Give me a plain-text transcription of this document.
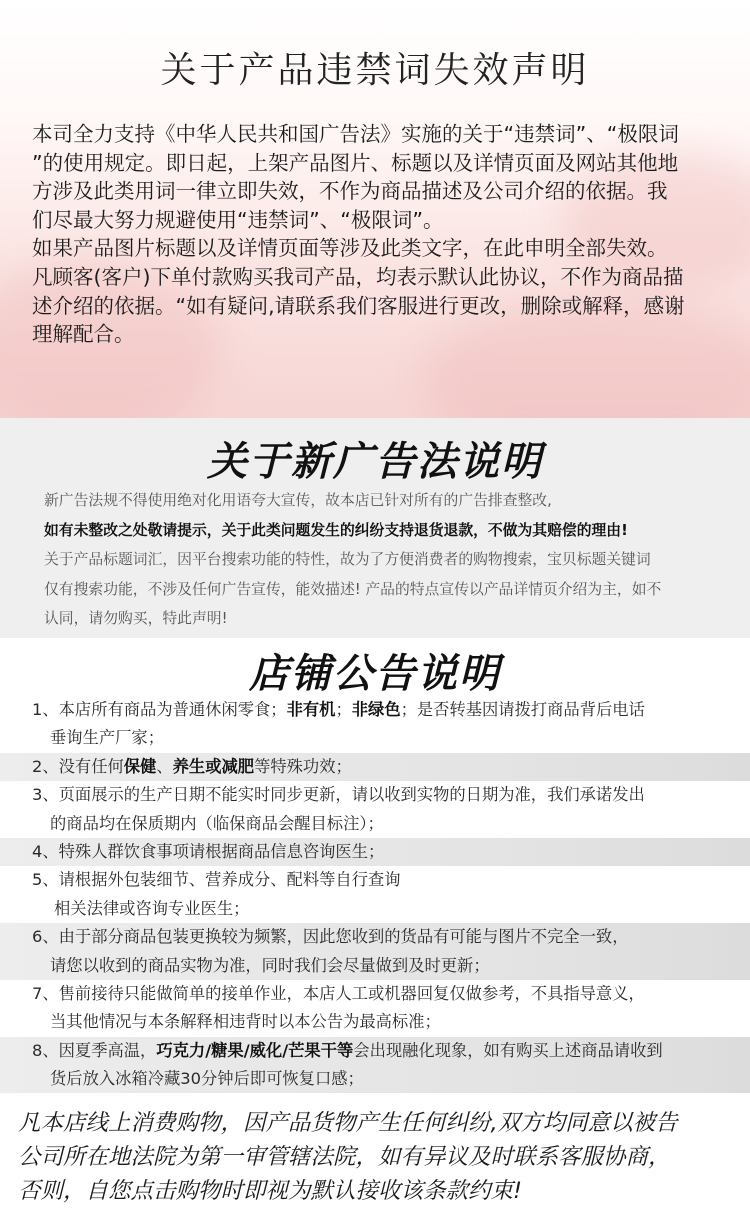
关于产品违禁词失效声明
本司全力支持《中华人民共和国广告法》实施的关于“违禁词”、“极限词
”的使用规定。即日起，上架产品图片、标题以及详情页面及网站其他地
方涉及此类用词一律立即失效，不作为商品描述及公司介绍的依据。我
们尽最大努力规避使用“违禁词”、“极限词”。
如果产品图片标题以及详情页面等涉及此类文字，在此申明全部失效。
凡顾客(客户)下单付款购买我司产品，均表示默认此协议，不作为商品描
述介绍的依据。“如有疑问,请联系我们客服进行更改，删除或解释，感谢
理解配合。
关于新广告法说明
新广告法规不得使用绝对化用语夸大宣传，故本店已针对所有的广告排查整改,
如有未整改之处敬请提示，关于此类问题发生的纠纷支持退货退款，不做为其赔偿的理由!
关于产品标题词汇，因平台搜索功能的特性，故为了方便消费者的购物搜索，宝贝标题关键词
仅有搜索功能，不涉及任何广告宣传，能效描述! 产品的特点宣传以产品详情页介绍为主，如不
认同，请勿购买，特此声明!
店铺公告说明
1、本店所有商品为普通休闲零食；非有机；非绿色；是否转基因请拨打商品背后电话
垂询生产厂家；
2、没有任何保健、养生或减肥等特殊功效；
3、页面展示的生产日期不能实时同步更新，请以收到实物的日期为准，我们承诺发出
的商品均在保质期内（临保商品会醒目标注）；
4、特殊人群饮食事项请根据商品信息咨询医生；
5、请根据外包装细节、营养成分、配料等自行查询
相关法律或咨询专业医生；
6、由于部分商品包装更换较为频繁，因此您收到的货品有可能与图片不完全一致，
请您以收到的商品实物为准，同时我们会尽量做到及时更新；
7、售前接待只能做简单的接单作业，本店人工或机器回复仅做参考，不具指导意义，
当其他情况与本条解释相违背时以本公告为最高标准；
8、因夏季高温，巧克力/糖果/威化/芒果干等会出现融化现象，如有购买上述商品请收到
货后放入冰箱冷藏30分钟后即可恢复口感；
凡本店线上消费购物，因产品货物产生任何纠纷,双方均同意以被告
公司所在地法院为第一审管辖法院，如有异议及时联系客服协商，
否则，自您点击购物时即视为默认接收该条款约束!
